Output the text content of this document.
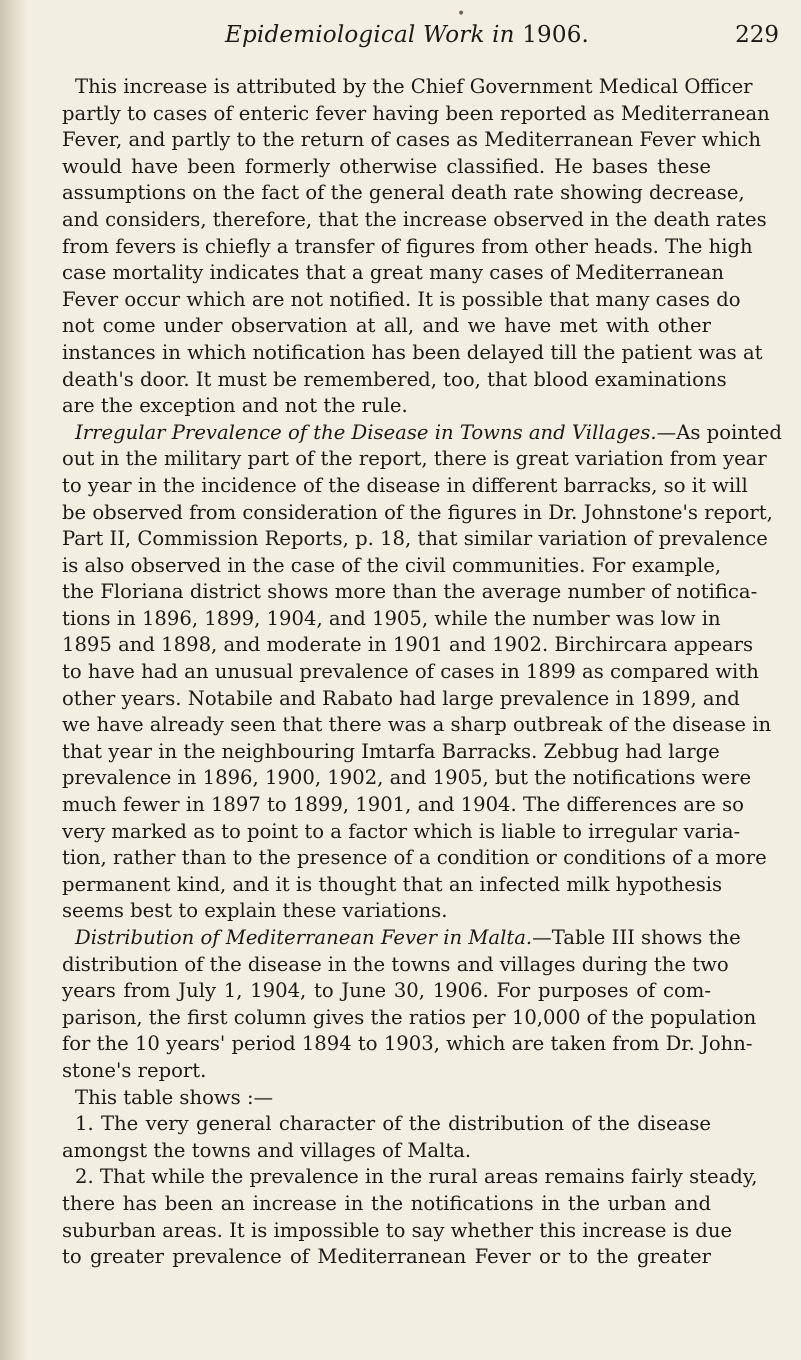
•
Epidemiological Work in 1906.	229
This increase is attributed by the Chief Government Medical Officer
partly to cases of enteric fever having been reported as Mediterranean
Fever, and partly to the return of cases as Mediterranean Fever which
would have been formerly otherwise classified. He bases these
assumptions on the fact of the general death rate showing decrease,
and considers, therefore, that the increase observed in the death rates
from fevers is chiefly a transfer of figures from other heads. The high
case mortality indicates that a great many cases of Mediterranean
Fever occur which are not notified. It is possible that many cases do
not come under observation at all, and we have met with other
instances in which notification has been delayed till the patient was at
death's door. It must be remembered, too, that blood examinations
are the exception and not the rule.
Irregular Prevalence of the Disease in Towns and Villages.—As pointed
out in the military part of the report, there is great variation from year
to year in the incidence of the disease in different barracks, so it will
be observed from consideration of the figures in Dr. Johnstone's report,
Part II, Commission Reports, p. 18, that similar variation of prevalence
is also observed in the case of the civil communities. For example,
the Floriana district shows more than the average number of notifica-
tions in 1896, 1899, 1904, and 1905, while the number was low in
1895 and 1898, and moderate in 1901 and 1902. Birchircara appears
to have had an unusual prevalence of cases in 1899 as compared with
other years. Notabile and Rabato had large prevalence in 1899, and
we have already seen that there was a sharp outbreak of the disease in
that year in the neighbouring Imtarfa Barracks. Zebbug had large
prevalence in 1896, 1900, 1902, and 1905, but the notifications were
much fewer in 1897 to 1899, 1901, and 1904. The differences are so
very marked as to point to a factor which is liable to irregular varia-
tion, rather than to the presence of a condition or conditions of a more
permanent kind, and it is thought that an infected milk hypothesis
seems best to explain these variations.
Distribution of Mediterranean Fever in Malta.—Table III shows the
distribution of the disease in the towns and villages during the two
years from July 1, 1904, to June 30, 1906. For purposes of com-
parison, the first column gives the ratios per 10,000 of the population
for the 10 years' period 1894 to 1903, which are taken from Dr. John-
stone's report.
This table shows :—
1. The very general character of the distribution of the disease
amongst the towns and villages of Malta.
2. That while the prevalence in the rural areas remains fairly steady,
there has been an increase in the notifications in the urban and
suburban areas. It is impossible to say whether this increase is due
to greater prevalence of Mediterranean Fever or to the greater
